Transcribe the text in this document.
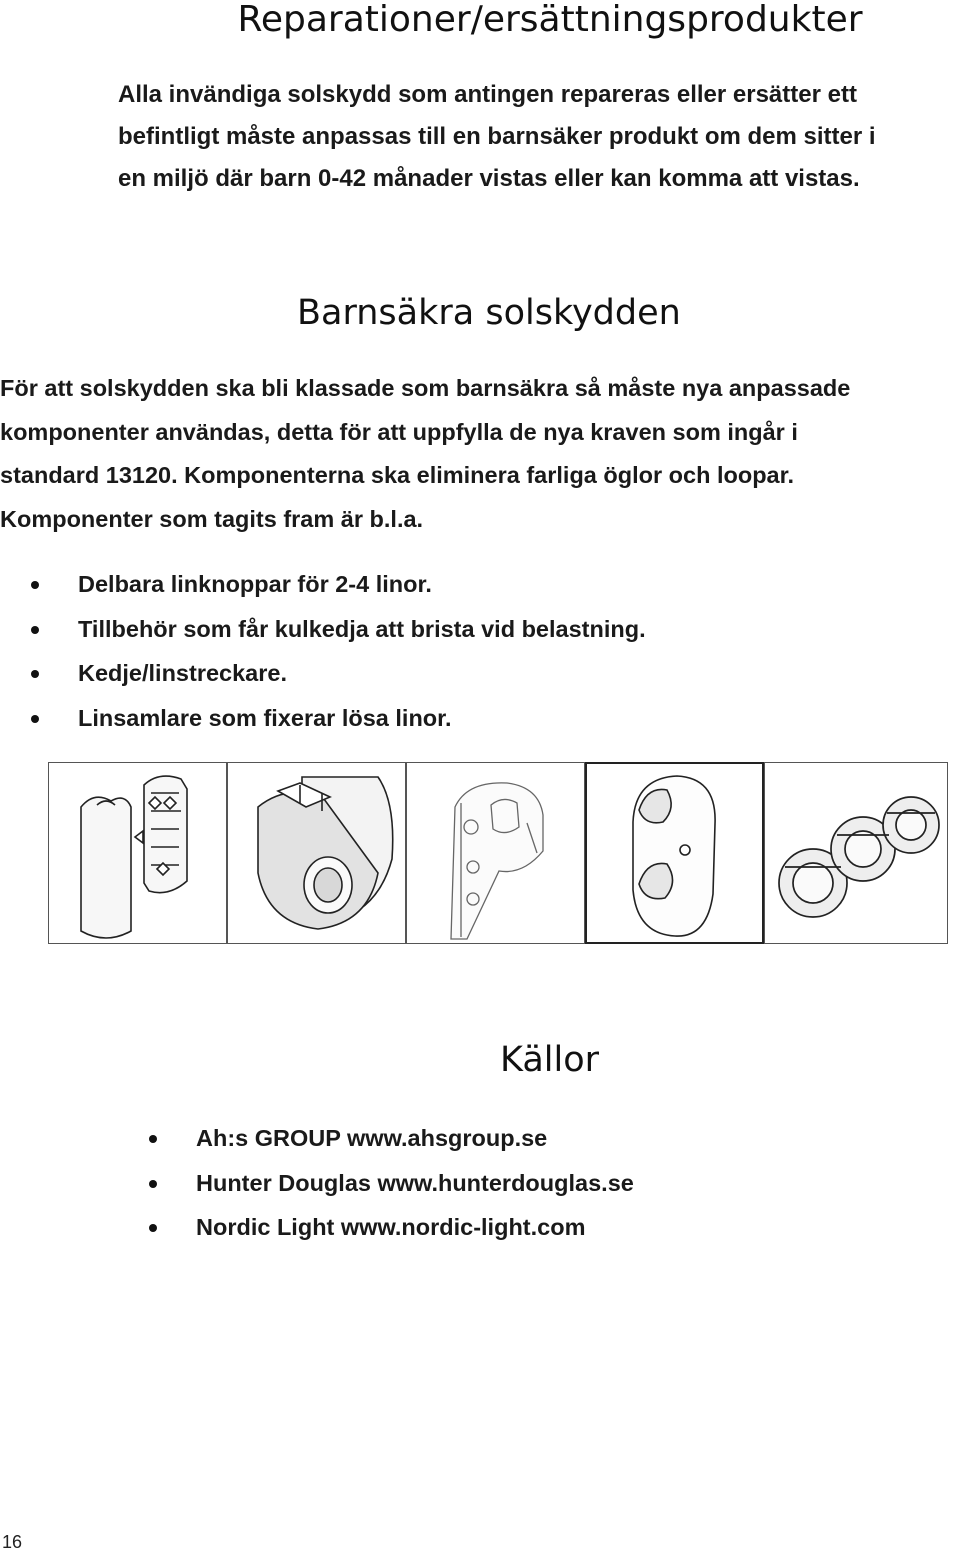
Reparationer/ersättningsprodukter
Alla invändiga solskydd som antingen repareras eller ersätter ett
befintligt måste anpassas till en barnsäker produkt om dem sitter i
en miljö där barn 0-42 månader vistas eller kan komma att vistas.
Barnsäkra solskydden
För att solskydden ska bli klassade som barnsäkra så måste nya anpassade
komponenter användas, detta för att uppfylla de nya kraven som ingår i
standard 13120. Komponenterna ska eliminera farliga öglor och loopar.
Komponenter som tagits fram är b.l.a.
Delbara linknoppar för 2-4 linor.
Tillbehör som får kulkedja att brista vid belastning.
Kedje/linstreckare.
Linsamlare som fixerar lösa linor.
Källor
Ah:s GROUP www.ahsgroup.se
Hunter Douglas www.hunterdouglas.se
Nordic Light www.nordic-light.com
16
